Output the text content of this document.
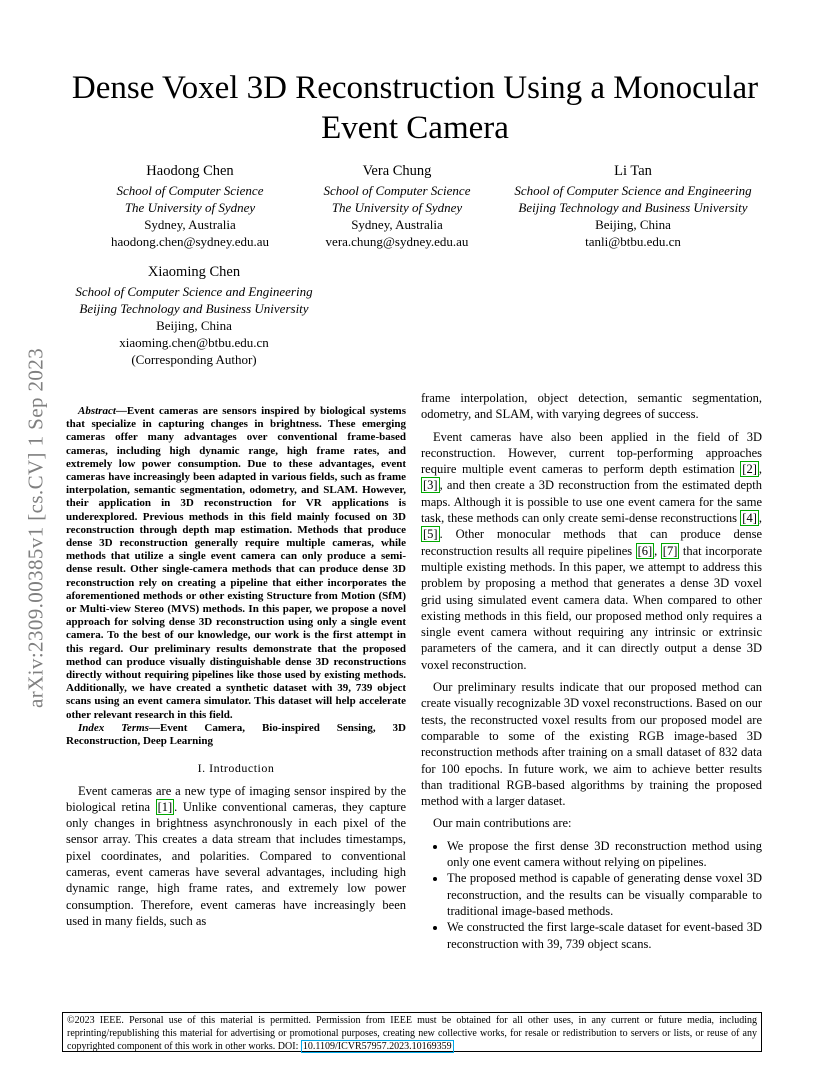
Dense Voxel 3D Reconstruction Using a Monocular Event Camera
Haodong Chen
School of Computer Science
The University of Sydney
Sydney, Australia
haodong.chen@sydney.edu.au
Vera Chung
School of Computer Science
The University of Sydney
Sydney, Australia
vera.chung@sydney.edu.au
Li Tan
School of Computer Science and Engineering
Beijing Technology and Business University
Beijing, China
tanli@btbu.edu.cn
Xiaoming Chen
School of Computer Science and Engineering
Beijing Technology and Business University
Beijing, China
xiaoming.chen@btbu.edu.cn
(Corresponding Author)
arXiv:2309.00385v1 [cs.CV] 1 Sep 2023	Abstract—Event cameras are sensors inspired by biological systems that specialize in capturing changes in brightness. These emerging cameras offer many advantages over conventional frame-based cameras, including high dynamic range, high frame rates, and extremely low power consumption. Due to these advantages, event cameras have increasingly been adapted in various fields, such as frame interpolation, semantic segmentation, odometry, and SLAM. However, their application in 3D reconstruction for VR applications is underexplored. Previous methods in this field mainly focused on 3D reconstruction through depth map estimation. Methods that produce dense 3D reconstruction generally require multiple cameras, while methods that utilize a single event camera can only produce a semi-dense result. Other single-camera methods that can produce dense 3D reconstruction rely on creating a pipeline that either incorporates the aforementioned methods or other existing Structure from Motion (SfM) or Multi-view Stereo (MVS) methods. In this paper, we propose a novel approach for solving dense 3D reconstruction using only a single event camera. To the best of our knowledge, our work is the first attempt in this regard. Our preliminary results demonstrate that the proposed method can produce visually distinguishable dense 3D reconstructions directly without requiring pipelines like those used by existing methods. Additionally, we have created a synthetic dataset with 39, 739 object scans using an event camera simulator. This dataset will help accelerate other relevant research in this field.

Index Terms—Event Camera, Bio-inspired Sensing, 3D Reconstruction, Deep Learning

I. Introduction

Event cameras are a new type of imaging sensor inspired by the biological retina [1] . Unlike conventional cameras, they capture only changes in brightness asynchronously in each pixel of the sensor array. This creates a data stream that includes timestamps, pixel coordinates, and polarities. Compared to conventional cameras, event cameras have several advantages, including high dynamic range, high frame rates, and extremely low power consumption. Therefore, event cameras have increasingly been used in many fields, such as

frame interpolation, object detection, semantic segmentation, odometry, and SLAM, with varying degrees of success.

Event cameras have also been applied in the field of 3D reconstruction. However, current top-performing approaches require multiple event cameras to perform depth estimation [2] , [3] , and then create a 3D reconstruction from the estimated depth maps. Although it is possible to use one event camera for the same task, these methods can only create semi-dense reconstructions [4] , [5] . Other monocular methods that can produce dense reconstruction results all require pipelines [6] , [7] that incorporate multiple existing methods. In this paper, we attempt to address this problem by proposing a method that generates a dense 3D voxel grid using simulated event camera data. When compared to other existing methods in this field, our proposed method only requires a single event camera without requiring any intrinsic or extrinsic parameters of the camera, and it can directly output a dense 3D voxel reconstruction.

Our preliminary results indicate that our proposed method can create visually recognizable 3D voxel reconstructions. Based on our tests, the reconstructed voxel results from our proposed model are comparable to some of the existing RGB image-based 3D reconstruction methods after training on a small dataset of 832 data for 100 epochs. In future work, we aim to achieve better results than traditional RGB-based algorithms by training the proposed method with a larger dataset.

Our main contributions are:

• We propose the first dense 3D reconstruction method using only one event camera without relying on pipelines.
• The proposed method is capable of generating dense voxel 3D reconstruction, and the results can be visually comparable to traditional image-based methods.
• We constructed the first large-scale dataset for event-based 3D reconstruction with 39, 739 object scans.
©2023 IEEE. Personal use of this material is permitted. Permission from IEEE must be obtained for all other uses, in any current or future media, including reprinting/republishing this material for advertising or promotional purposes, creating new collective works, for resale or redistribution to servers or lists, or reuse of any copyrighted component of this work in other works. DOI: 10.1109/ICVR57957.2023.10169359
